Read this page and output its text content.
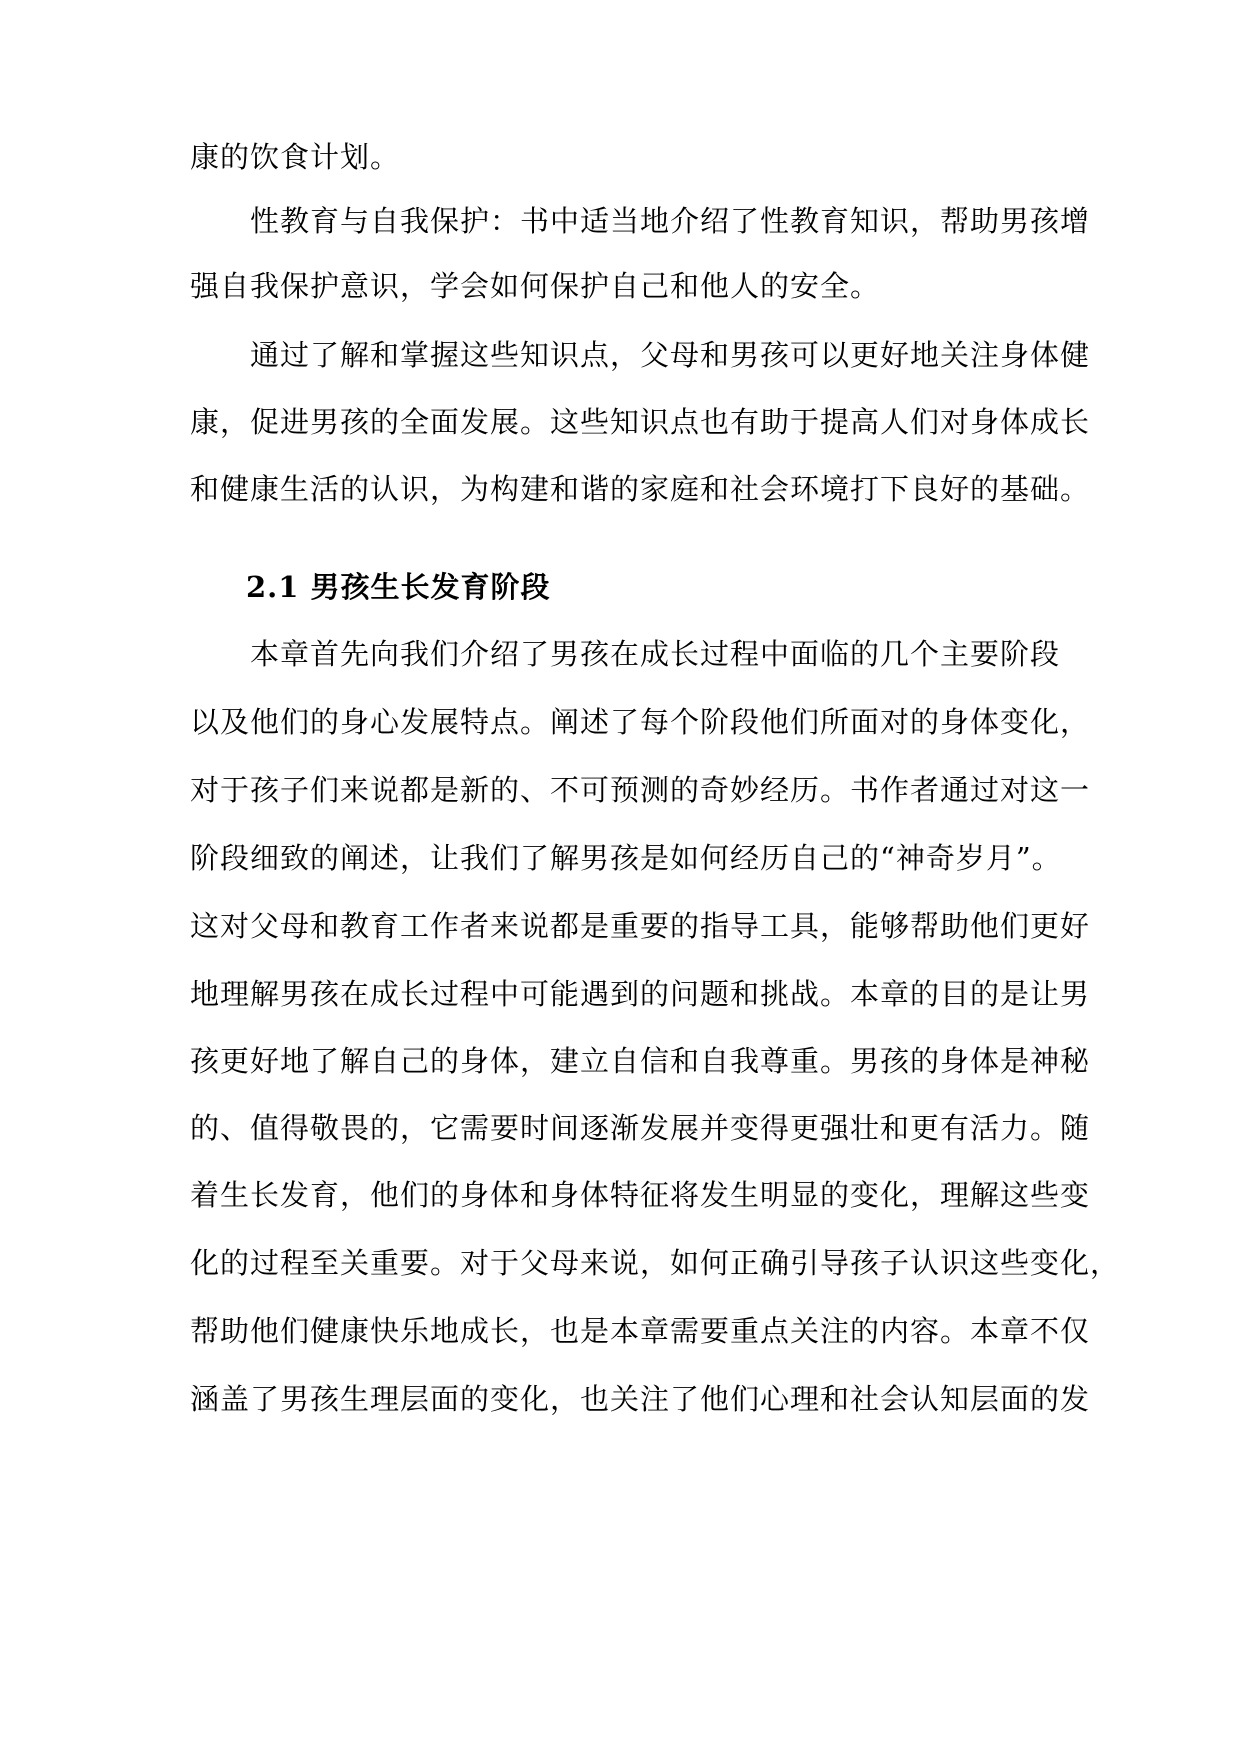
康的饮食计划。
　　性教育与自我保护：书中适当地介绍了性教育知识，帮助男孩增
强自我保护意识，学会如何保护自己和他人的安全。
　　通过了解和掌握这些知识点，父母和男孩可以更好地关注身体健
康，促进男孩的全面发展。这些知识点也有助于提高人们对身体成长
和健康生活的认识，为构建和谐的家庭和社会环境打下良好的基础。
2.1 男孩生长发育阶段
　　本章首先向我们介绍了男孩在成长过程中面临的几个主要阶段
以及他们的身心发展特点。阐述了每个阶段他们所面对的身体变化，
对于孩子们来说都是新的、不可预测的奇妙经历。书作者通过对这一
阶段细致的阐述，让我们了解男孩是如何经历自己的“神奇岁月”。
这对父母和教育工作者来说都是重要的指导工具，能够帮助他们更好
地理解男孩在成长过程中可能遇到的问题和挑战。本章的目的是让男
孩更好地了解自己的身体，建立自信和自我尊重。男孩的身体是神秘
的、值得敬畏的，它需要时间逐渐发展并变得更强壮和更有活力。随
着生长发育，他们的身体和身体特征将发生明显的变化，理解这些变
化的过程至关重要。对于父母来说，如何正确引导孩子认识这些变化，
帮助他们健康快乐地成长，也是本章需要重点关注的内容。本章不仅
涵盖了男孩生理层面的变化，也关注了他们心理和社会认知层面的发
